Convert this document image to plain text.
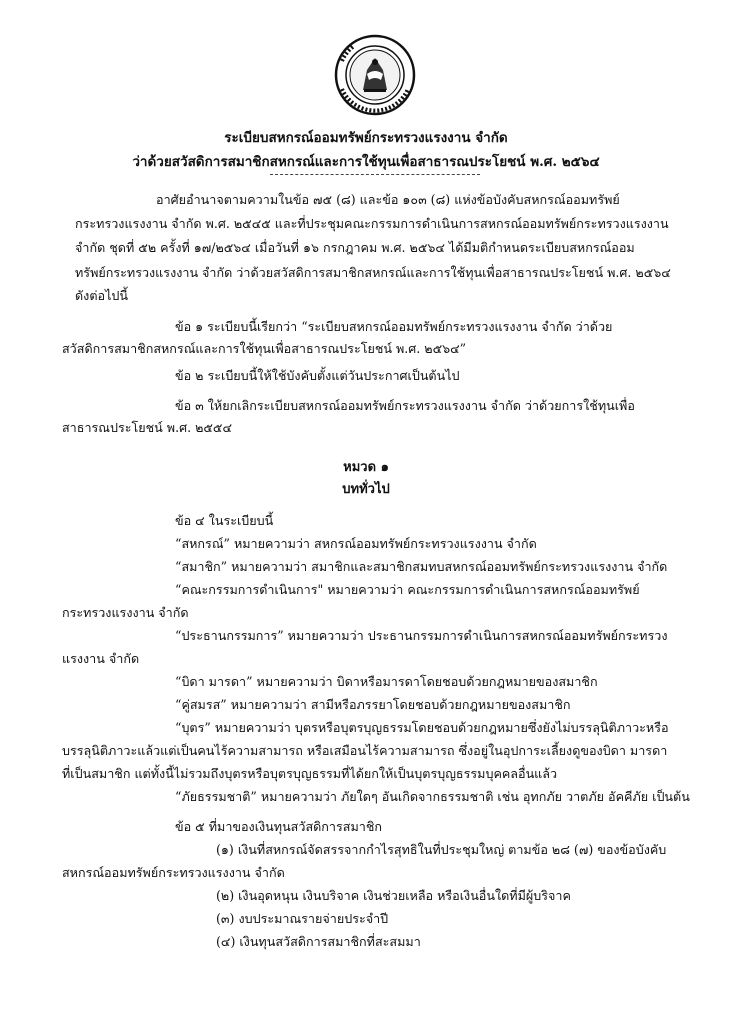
ระเบียบสหกรณ์ออมทรัพย์กระทรวงแรงงาน จำกัด
ว่าด้วยสวัสดิการสมาชิกสหกรณ์และการใช้ทุนเพื่อสาธารณประโยชน์ พ.ศ. ๒๕๖๔
อาศัยอำนาจตามความในข้อ ๗๕ (๘) และข้อ ๑๐๓ (๘) แห่งข้อบังคับสหกรณ์ออมทรัพย์
กระทรวงแรงงาน จำกัด พ.ศ. ๒๕๔๕ และที่ประชุมคณะกรรมการดำเนินการสหกรณ์ออมทรัพย์กระทรวงแรงงาน
จำกัด ชุดที่ ๕๒ ครั้งที่ ๑๗/๒๕๖๔ เมื่อวันที่ ๑๖ กรกฎาคม พ.ศ. ๒๕๖๔ ได้มีมติกำหนดระเบียบสหกรณ์ออม
ทรัพย์กระทรวงแรงงาน จำกัด ว่าด้วยสวัสดิการสมาชิกสหกรณ์และการใช้ทุนเพื่อสาธารณประโยชน์ พ.ศ. ๒๕๖๔
ดังต่อไปนี้
ข้อ ๑ ระเบียบนี้เรียกว่า “ระเบียบสหกรณ์ออมทรัพย์กระทรวงแรงงาน จำกัด ว่าด้วย
สวัสดิการสมาชิกสหกรณ์และการใช้ทุนเพื่อสาธารณประโยชน์ พ.ศ. ๒๕๖๔”
ข้อ ๒ ระเบียบนี้ให้ใช้บังคับตั้งแต่วันประกาศเป็นต้นไป
ข้อ ๓ ให้ยกเลิกระเบียบสหกรณ์ออมทรัพย์กระทรวงแรงงาน จำกัด ว่าด้วยการใช้ทุนเพื่อ
สาธารณประโยชน์ พ.ศ. ๒๕๕๔
หมวด ๑
บททั่วไป
ข้อ ๔ ในระเบียบนี้
“สหกรณ์” หมายความว่า สหกรณ์ออมทรัพย์กระทรวงแรงงาน จำกัด
“สมาชิก” หมายความว่า สมาชิกและสมาชิกสมทบสหกรณ์ออมทรัพย์กระทรวงแรงงาน จำกัด
“คณะกรรมการดำเนินการ" หมายความว่า คณะกรรมการดำเนินการสหกรณ์ออมทรัพย์
กระทรวงแรงงาน จำกัด
“ประธานกรรมการ” หมายความว่า ประธานกรรมการดำเนินการสหกรณ์ออมทรัพย์กระทรวง
แรงงาน จำกัด
“บิดา มารดา” หมายความว่า บิดาหรือมารดาโดยชอบด้วยกฎหมายของสมาชิก
“คู่สมรส” หมายความว่า สามีหรือภรรยาโดยชอบด้วยกฎหมายของสมาชิก
“บุตร” หมายความว่า บุตรหรือบุตรบุญธรรมโดยชอบด้วยกฎหมายซึ่งยังไม่บรรลุนิติภาวะหรือ
บรรลุนิติภาวะแล้วแต่เป็นคนไร้ความสามารถ หรือเสมือนไร้ความสามารถ ซึ่งอยู่ในอุปการะเลี้ยงดูของบิดา มารดา
ที่เป็นสมาชิก แต่ทั้งนี้ไม่รวมถึงบุตรหรือบุตรบุญธรรมที่ได้ยกให้เป็นบุตรบุญธรรมบุคคลอื่นแล้ว
“ภัยธรรมชาติ” หมายความว่า ภัยใดๆ อันเกิดจากธรรมชาติ เช่น อุทกภัย วาตภัย อัคคีภัย เป็นต้น
ข้อ ๕ ที่มาของเงินทุนสวัสดิการสมาชิก
(๑) เงินที่สหกรณ์จัดสรรจากกำไรสุทธิในที่ประชุมใหญ่ ตามข้อ ๒๘ (๗) ของข้อบังคับ
สหกรณ์ออมทรัพย์กระทรวงแรงงาน จำกัด
(๒) เงินอุดหนุน เงินบริจาค เงินช่วยเหลือ หรือเงินอื่นใดที่มีผู้บริจาค
(๓) งบประมาณรายจ่ายประจำปี
(๔) เงินทุนสวัสดิการสมาชิกที่สะสมมา
